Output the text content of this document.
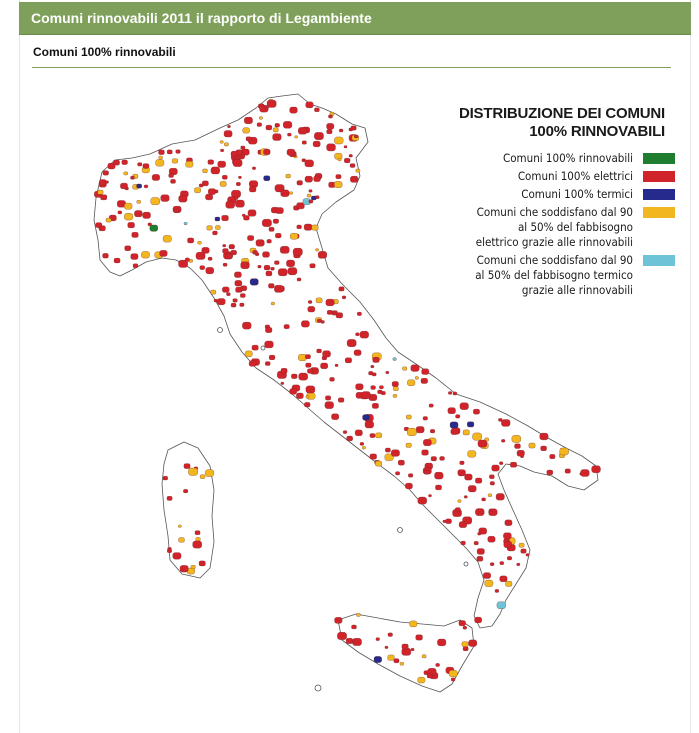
Comuni rinnovabili 2011 il rapporto di Legambiente
Comuni 100% rinnovabili
DISTRIBUZIONE DEI COMUNI
100% RINNOVABILI
Comuni 100% rinnovabili
Comuni 100% elettrici
Comuni 100% termici
Comuni che soddisfano dal 90 al 50% del fabbisogno elettrico grazie alle rinnovabili
Comuni che soddisfano dal 90 al 50% del fabbisogno termico grazie alle rinnovabili
